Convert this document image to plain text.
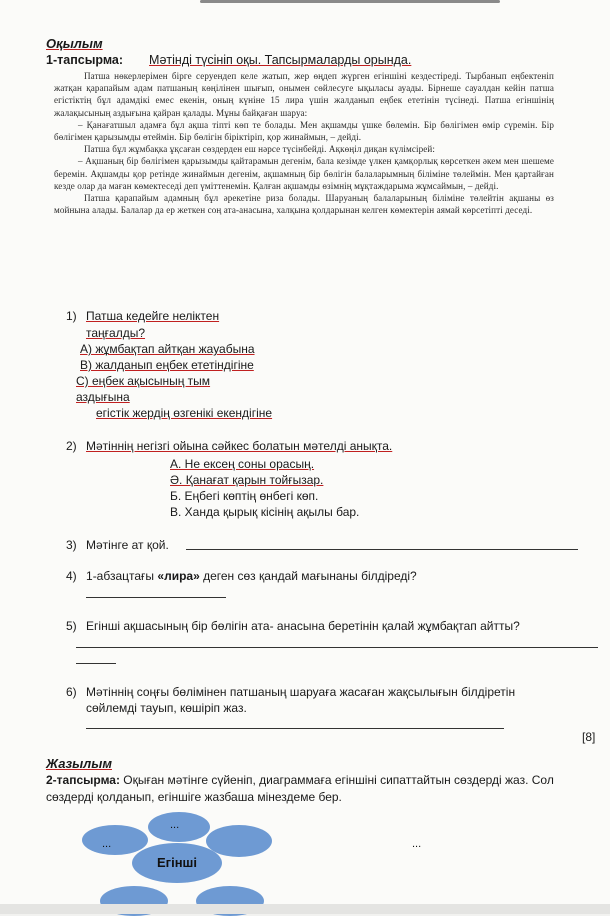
Оқылым
1-тапсырма: Мәтінді түсініп оқы. Тапсырмаларды орында.

Патша нөкерлерімен бірге серуендеп келе жатып, жер өңдеп жүрген егіншіні кездестіреді. Тырбанып еңбектеніп жатқан қарапайым адам патшаның көңілінен шығып, онымен сөйлесуге ықыласы ауады. Бірнеше сауалдан кейін патша егістіктің бұл адамдікі емес екенін, оның күніне 15 лира үшін жалданып еңбек ететінін түсінеді. Патша егіншінің жалақысының аздығына қайран қалады. Мұны байқаған шаруа:

– Қанағатшыл адамға бұл ақша тіпті көп те болады. Мен ақшамды үшке бөлемін. Бір бөлігімен өмір сүремін. Бір бөлігімен қарызымды өтеймін. Бір бөлігін біріктіріп, қор жинаймын, – дейді.

Патша бұл жұмбақка ұқсаған сөздерден еш нәрсе түсінбейді. Ақкөңіл диқан күлімсірей:

– Ақшаның бір бөлігімен қарызымды қайтарамын дегенім, бала кезімде үлкен қамқорлық көрсеткен әкем мен шешеме беремін. Ақшамды қор ретінде жинаймын дегенім, ақшамның бір бөлігін балаларымның біліміне төлеймін. Мен қартайған кезде олар да маған көмектеседі деп үміттенемін. Қалған ақшамды өзімнің мұқтаждарыма жұмсаймын, – дейді.

Патша қарапайым адамның бұл әрекетіне риза болады. Шаруаның балаларының біліміне төлейтін ақшаны өз мойнына алады. Балалар да ер жеткен соң ата-анасына, халқына қолдарынан келген көмектерін аямай көрсетіпті деседі.

1) Патша кедейге неліктен
таңғалды?
А) жұмбақтап айтқан жауабына
В) жалданып еңбек ететіндігіне
С) еңбек ақысының тым
аздығына
егістік жердің өзгенікі екендігіне
2) Мәтіннің негізгі ойына сәйкес болатын мәтелді анықта.
А. Не ексең соны орасың.
Ә. Қанағат қарын тойғызар.
Б. Еңбегі көптің өнбегі көп.
В. Ханда қырық кісінің ақылы бар.
3) Мәтінге ат қой.
4) 1-абзацтағы «лира» деген сөз қандай мағынаны білдіреді?
5) Егінші ақшасының бір бөлігін ата- анасына беретінін қалай жұмбақтап айтты?
6) Мәтіннің соңғы бөлімінен патшаның шаруаға жасаған жақсылығын білдіретін
сөйлемді тауып, көшіріп жаз.
[8]
Жазылым
2-тапсырма: Оқыған мәтінге сүйеніп, диаграммаға егіншіні сипаттайтын сөздерді жаз. Сол сөздерді қолданып, егіншіге жазбаша мінездеме бер.
Егінші
...
...	...
